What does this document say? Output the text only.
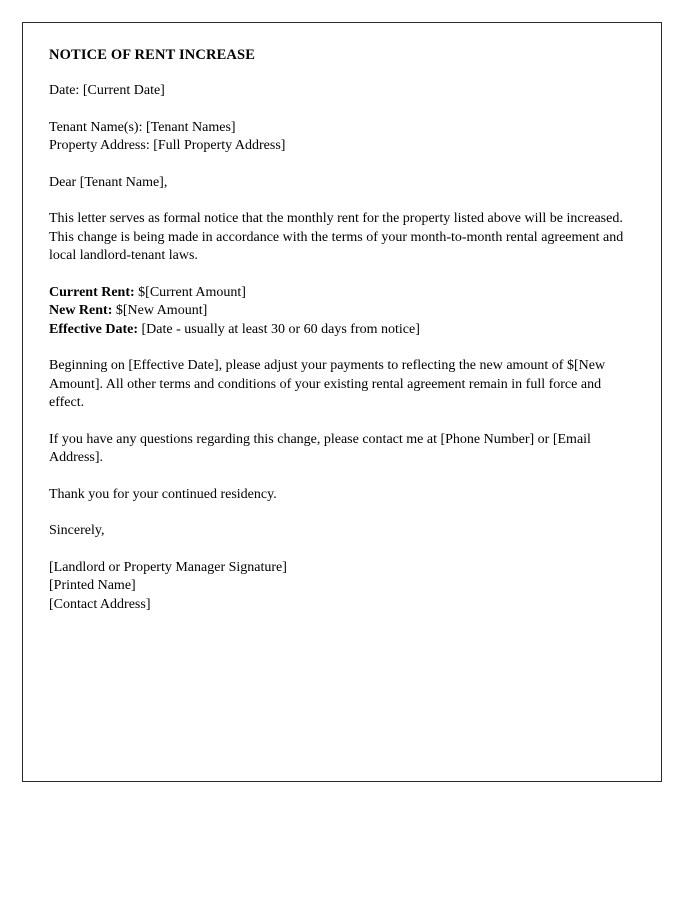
NOTICE OF RENT INCREASE
Date: [Current Date]
Tenant Name(s): [Tenant Names]
Property Address: [Full Property Address]
Dear [Tenant Name],

This letter serves as formal notice that the monthly rent for the property listed above will be increased. This change is being made in accordance with the terms of your month-to-month rental agreement and local landlord-tenant laws.

Current Rent: $[Current Amount]
New Rent: $[New Amount]
Effective Date: [Date - usually at least 30 or 60 days from notice]

Beginning on [Effective Date], please adjust your payments to reflecting the new amount of $[New Amount]. All other terms and conditions of your existing rental agreement remain in full force and effect.

If you have any questions regarding this change, please contact me at [Phone Number] or [Email Address].

Thank you for your continued residency.

Sincerely,
[Landlord or Property Manager Signature]
[Printed Name]
[Contact Address]
